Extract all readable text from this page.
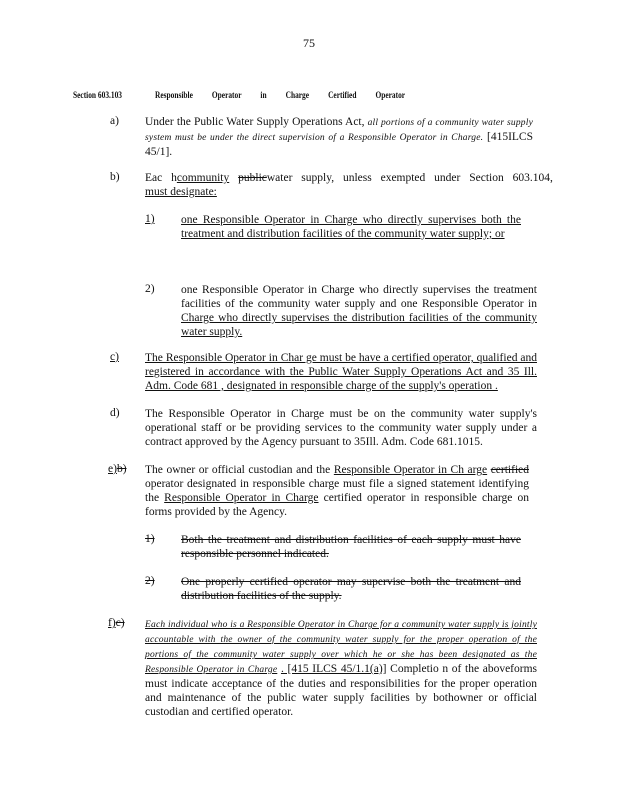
75
Section 603.103	Responsible Operator in Charge Certified Operator
a) Under the Public Water Supply Operations Act, all portions of a community water supply system must be under the direct supervision of a Responsible Operator in Charge. [415ILCS 45/1].
b) Eac hcommunity publicwater supply, unless exempted under Section 603.104,
must designate:
1) one Responsible Operator in Charge who directly supervises both the treatment and distribution facilities of the community water supply; or
2) one Responsible Operator in Charge who directly supervises the treatment facilities of the community water supply and one Responsible Operator in Charge who directly supervises the distribution facilities of the community water supply.
c) The Responsible Operator in Char ge must be have a certified operator, qualified and registered in accordance with the Public Water Supply Operations Act and 35 Ill. Adm. Code 681 , designated in responsible charge of the supply's operation .
d) The Responsible Operator in Charge must be on the community water supply's operational staff or be providing services to the community water supply under a contract approved by the Agency pursuant to 35Ill. Adm. Code 681.1015.
e)b) The owner or official custodian and the Responsible Operator in Ch arge certified operator designated in responsible charge must file a signed statement identifying the Responsible Operator in Charge certified operator in responsible charge on forms provided by the Agency.
1) Both the treatment and distribution facilities of each supply must have responsible personnel indicated.
2) One properly certified operator may supervise both the treatment and distribution facilities of the supply.
f)c) Each individual who is a Responsible Operator in Charge for a community water supply is jointly accountable with the owner of the community water supply for the proper operation of the portions of the community water supply over which he or she has been designated as the Responsible Operator in Charge . [415 ILCS 45/1.1(a)] Completio n of the aboveforms must indicate acceptance of the duties and responsibilities for the proper operation and maintenance of the public water supply facilities by bothowner or official custodian and certified operator.
